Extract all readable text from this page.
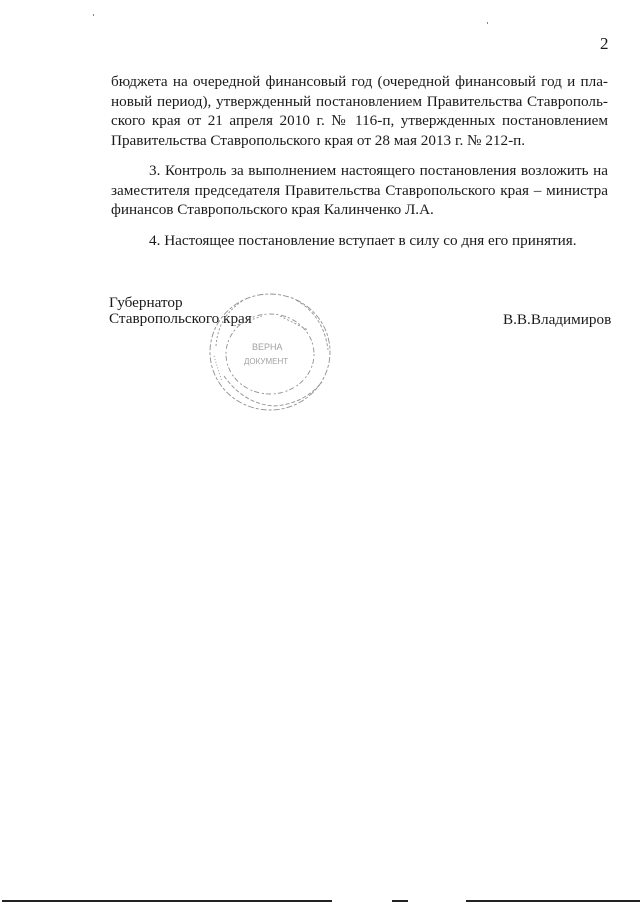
2

бюджета на очередной финансовый год (очередной финансовый год и пла-
новый период), утвержденный постановлением Правительства Ставрополь-
ского края от 21 апреля 2010 г. № 116-п, утвержденных постановлением
Правительства Ставропольского края от 28 мая 2013 г. № 212-п.

3. Контроль за выполнением настоящего постановления возложить на
заместителя председателя Правительства Ставропольского края – министра
финансов Ставропольского края Калинченко Л.А.

4. Настоящее постановление вступает в силу со дня его принятия.

Губернатор
Ставропольского края
ВЕРНА
ДОКУМЕНТ
В.В.Владимиров
